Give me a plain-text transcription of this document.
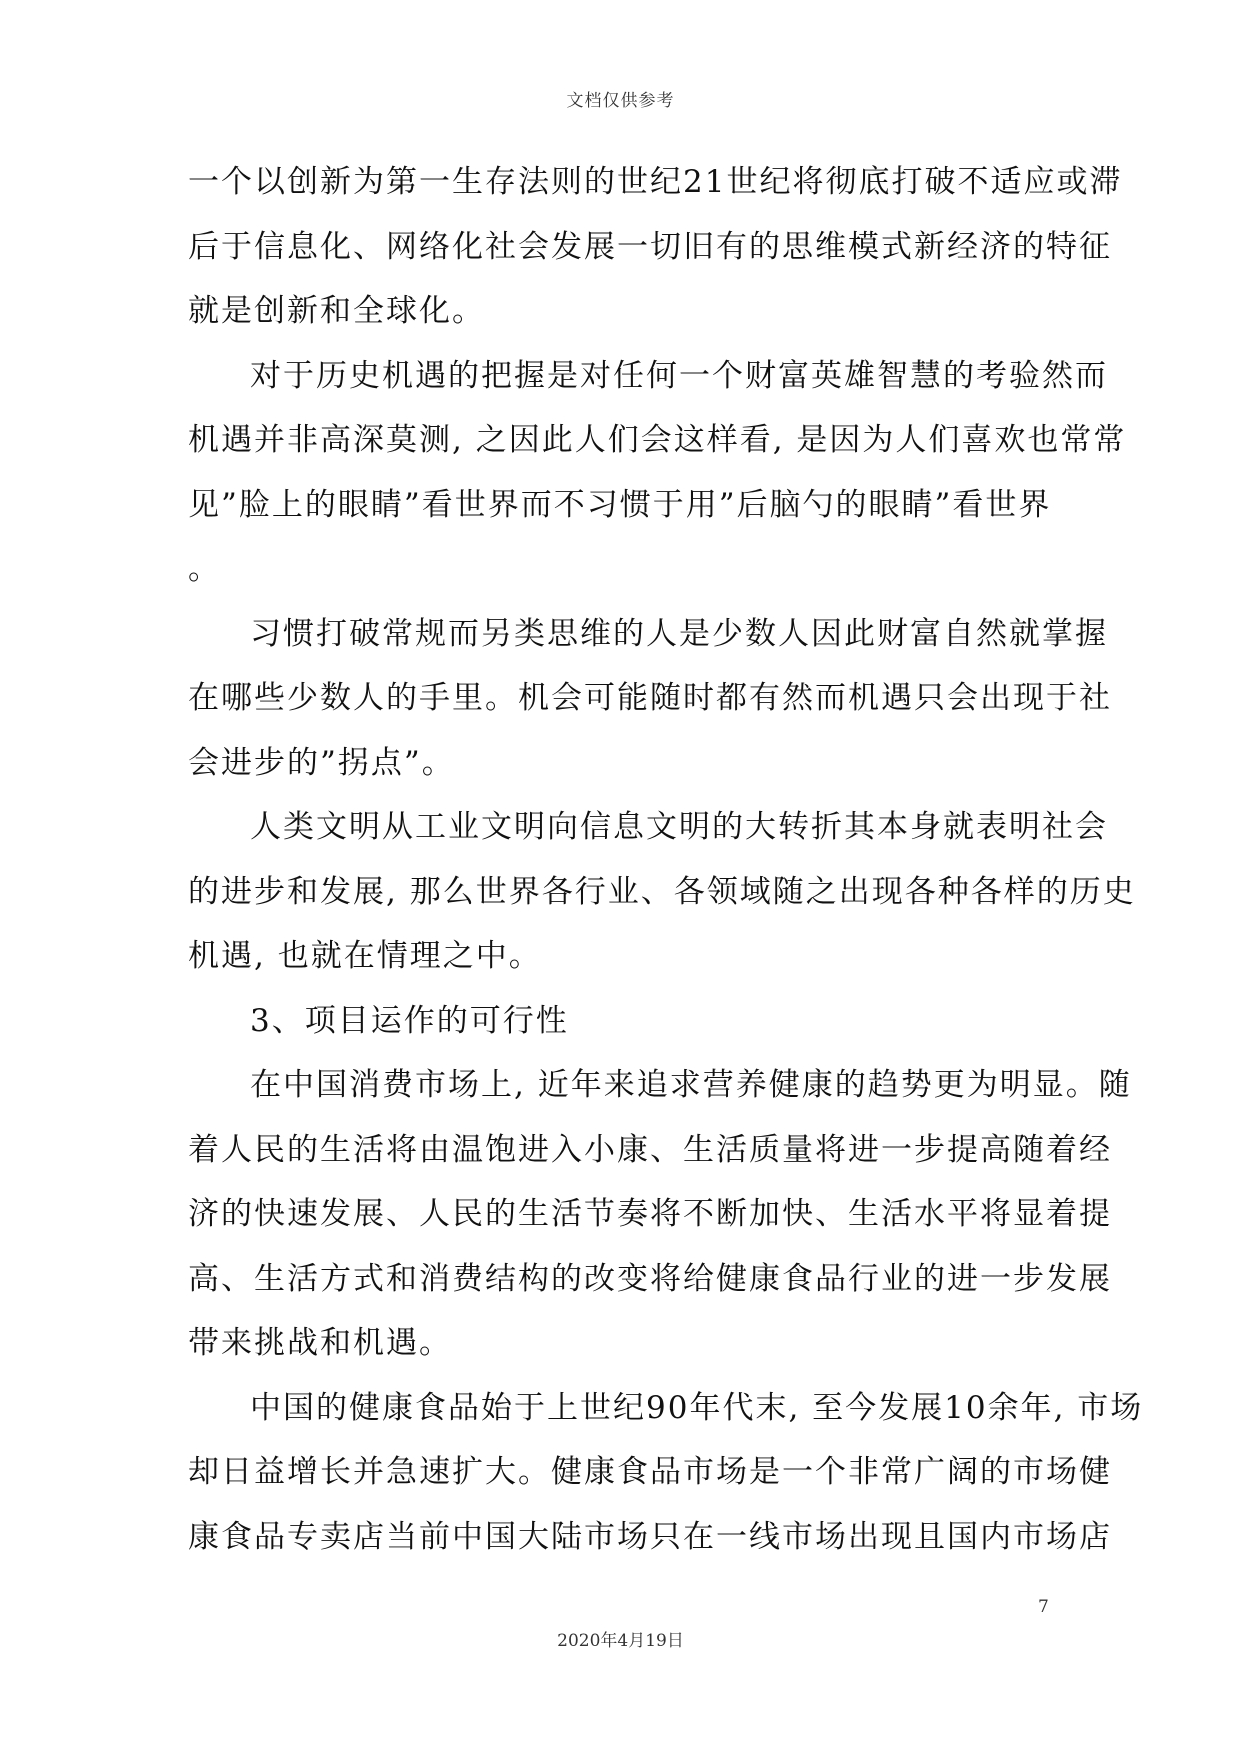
文档仅供参考

一个以创新为第一生存法则的世纪21世纪将彻底打破不适应或滞
后于信息化、网络化社会发展一切旧有的思维模式新经济的特征
就是创新和全球化。

对于历史机遇的把握是对任何一个财富英雄智慧的考验然而
机遇并非高深莫测, 之因此人们会这样看, 是因为人们喜欢也常常
见”脸上的眼睛”看世界而不习惯于用”后脑勺的眼睛”看世界
。

习惯打破常规而另类思维的人是少数人因此财富自然就掌握
在哪些少数人的手里。机会可能随时都有然而机遇只会出现于社
会进步的”拐点”。

人类文明从工业文明向信息文明的大转折其本身就表明社会
的进步和发展, 那么世界各行业、各领域随之出现各种各样的历史
机遇, 也就在情理之中。

3、项目运作的可行性

在中国消费市场上, 近年来追求营养健康的趋势更为明显。随
着人民的生活将由温饱进入小康、生活质量将进一步提高随着经
济的快速发展、人民的生活节奏将不断加快、生活水平将显着提
高、生活方式和消费结构的改变将给健康食品行业的进一步发展
带来挑战和机遇。

中国的健康食品始于上世纪90年代末, 至今发展10余年, 市场
却日益增长并急速扩大。健康食品市场是一个非常广阔的市场健
康食品专卖店当前中国大陆市场只在一线市场出现且国内市场店

7
2020年4月19日
